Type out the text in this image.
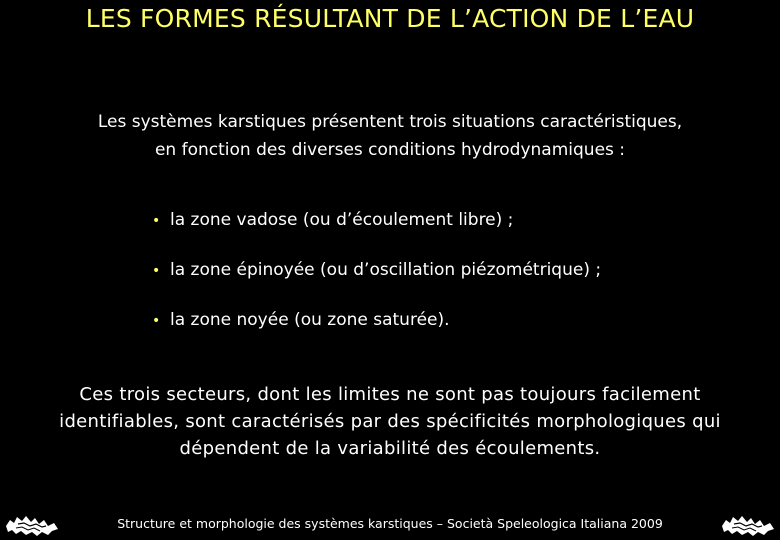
LES FORMES RÉSULTANT DE L’ACTION DE L’EAU

Les systèmes karstiques présentent trois situations caractéristiques,

en fonction des diverses conditions hydrodynamiques :

• la zone vadose (ou d’écoulement libre) ;
• la zone épinoyée (ou d’oscillation piézométrique) ;
• la zone noyée (ou zone saturée).

Ces trois secteurs, dont les limites ne sont pas toujours facilement

identifiables, sont caractérisés par des spécificités morphologiques qui

dépendent de la variabilité des écoulements.

Structure et morphologie des systèmes karstiques – Società Speleologica Italiana 2009
